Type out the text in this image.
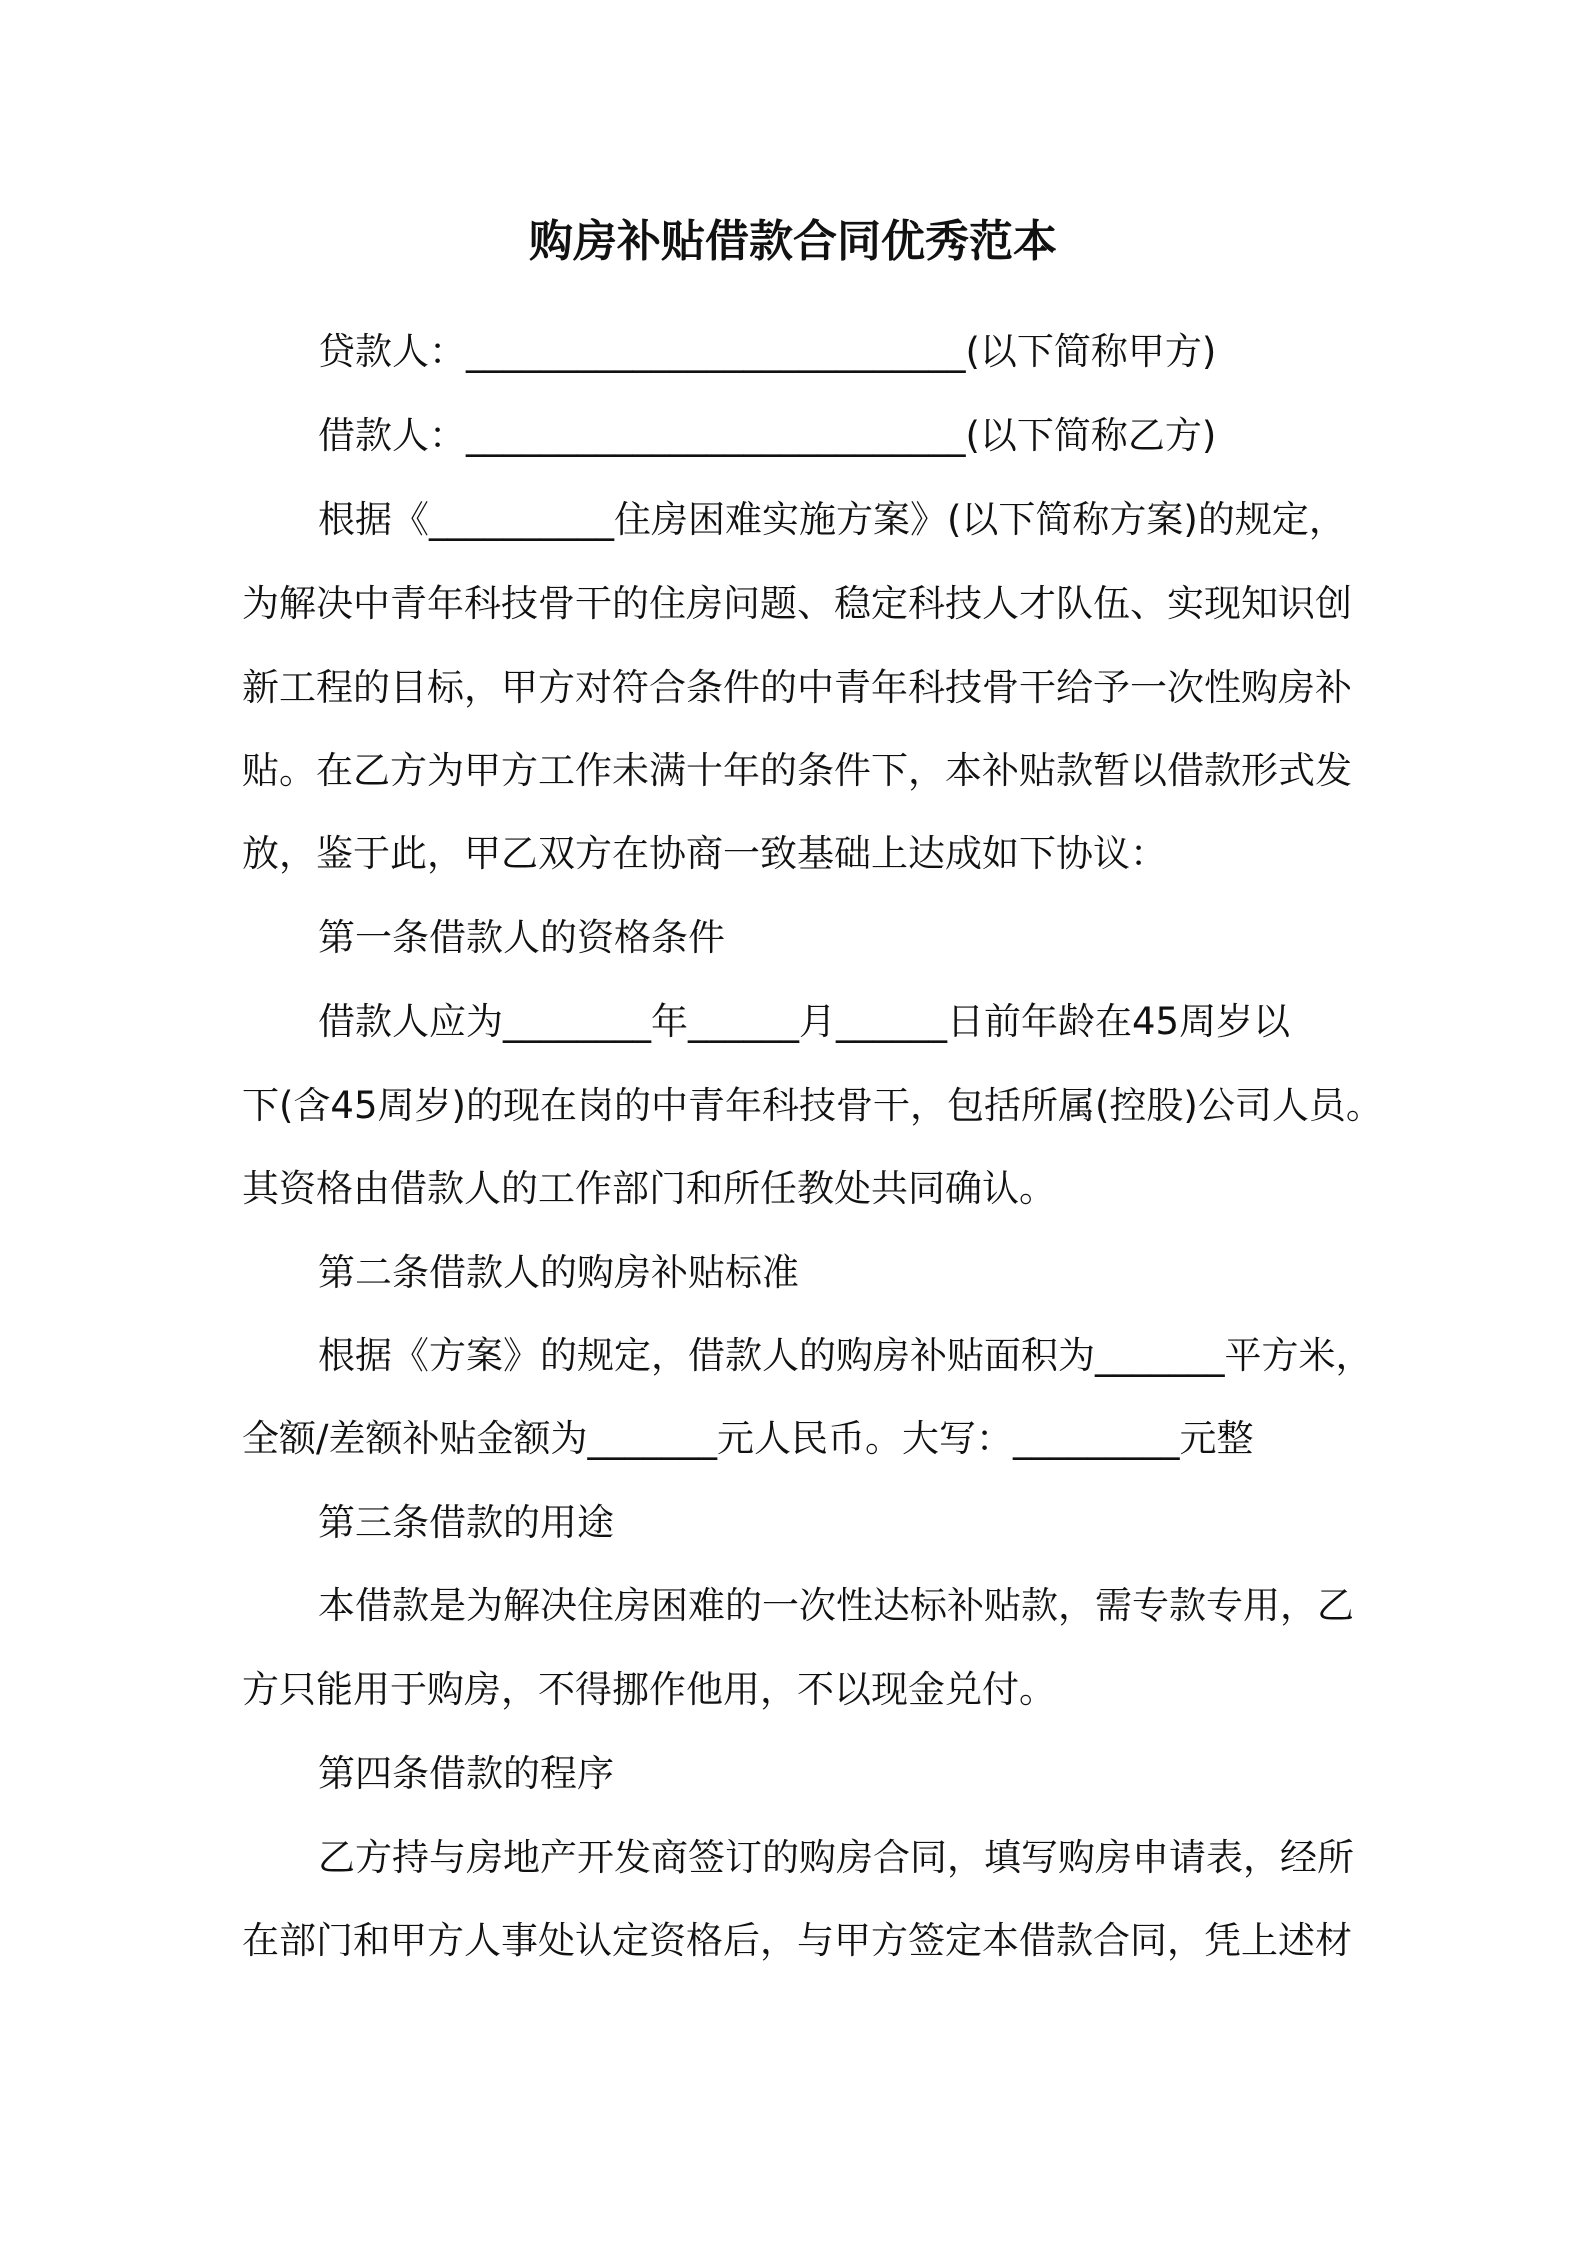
购房补贴借款合同优秀范本
贷款人：___________________________(以下简称甲方)
借款人：___________________________(以下简称乙方)
根据《__________住房困难实施方案》(以下简称方案)的规定，
为解决中青年科技骨干的住房问题、稳定科技人才队伍、实现知识创
新工程的目标，甲方对符合条件的中青年科技骨干给予一次性购房补
贴。在乙方为甲方工作未满十年的条件下，本补贴款暂以借款形式发
放，鉴于此，甲乙双方在协商一致基础上达成如下协议：
第一条借款人的资格条件
借款人应为________年______月______日前年龄在45周岁以
下(含45周岁)的现在岗的中青年科技骨干，包括所属(控股)公司人员。
其资格由借款人的工作部门和所任教处共同确认。
第二条借款人的购房补贴标准
根据《方案》的规定，借款人的购房补贴面积为_______平方米，
全额/差额补贴金额为_______元人民币。大写：_________元整
第三条借款的用途
本借款是为解决住房困难的一次性达标补贴款，需专款专用，乙
方只能用于购房，不得挪作他用，不以现金兑付。
第四条借款的程序
乙方持与房地产开发商签订的购房合同，填写购房申请表，经所
在部门和甲方人事处认定资格后，与甲方签定本借款合同，凭上述材
